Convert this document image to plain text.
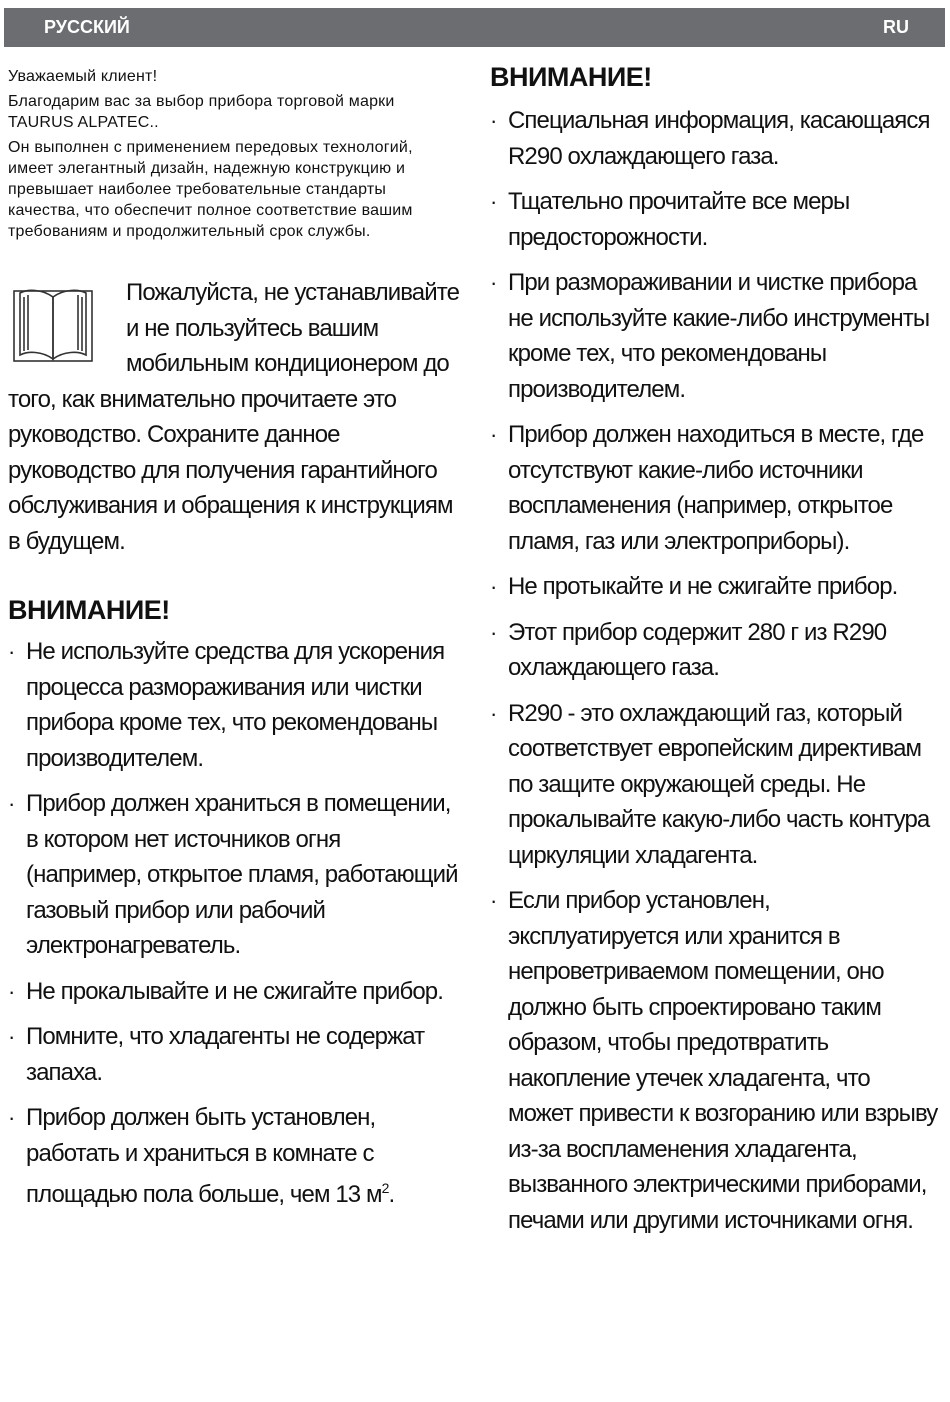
РУССКИЙ	RU

Уважаемый клиент!

Благодарим вас за выбор прибора торговой марки TAURUS ALPATEC..

Он выполнен с применением передовых технологий, имеет элегантный дизайн, надежную конструкцию и превышает наиболее требовательные стандарты качества, что обеспечит полное соответствие вашим требованиям и продолжительный срок службы.

Пожалуйста, не устанавливайте и не пользуйтесь вашим мобильным кондиционером до того, как внимательно прочитаете это руководство. Сохраните данное руководство для получения гарантийного обслуживания и обращения к инструкциям в будущем.
ВНИМАНИЕ!
· Не используйте средства для ускорения процесса размораживания или чистки прибора кроме тех, что рекомендованы производителем.
· Прибор должен храниться в помещении, в котором нет источников огня (например, открытое пламя, работающий газовый прибор или рабочий электронагреватель.
· Не прокалывайте и не сжигайте прибор.
· Помните, что хладагенты не содержат запаха.
· Прибор должен быть установлен, работать и храниться в комнате с площадью пола больше, чем 13 $м^2$.
ВНИМАНИЕ!
· Специальная информация, касающаяся R290 охлаждающего газа.
· Тщательно прочитайте все меры предосторожности.
· При размораживании и чистке прибора не используйте какие-либо инструменты кроме тех, что рекомендованы производителем.
· Прибор должен находиться в месте, где отсутствуют какие-либо источники воспламенения (например, открытое пламя, газ или электроприборы).
· Не протыкайте и не сжигайте прибор.
· Этот прибор содержит 280 г из R290 охлаждающего газа.
· R290 - это охлаждающий газ, который соответствует европейским директивам по защите окружающей среды. Не прокалывайте какую-либо часть контура циркуляции хладагента.
· Если прибор установлен, эксплуатируется или хранится в непроветриваемом помещении, оно должно быть спроектировано таким образом, чтобы предотвратить накопление утечек хладагента, что может привести к возгоранию или взрыву из-за воспламенения хладагента, вызванного электрическими приборами, печами или другими источниками огня.
